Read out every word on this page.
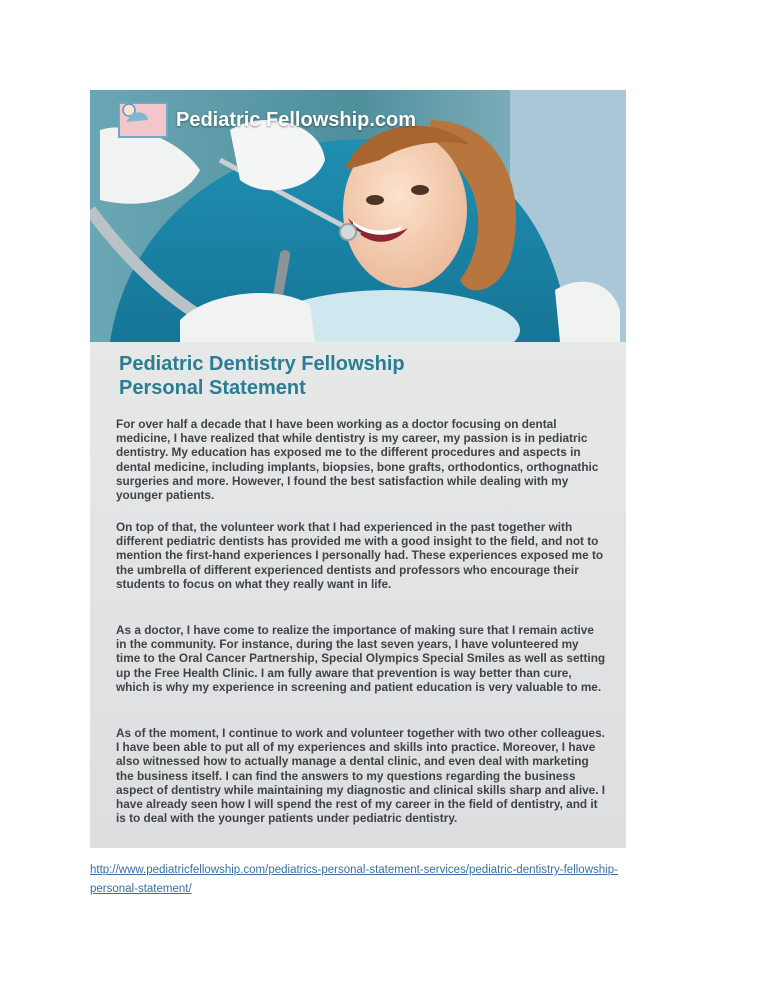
Pediatric Fellowship.com
Pediatric Dentistry Fellowship
Personal Statement

For over half a decade that I have been working as a doctor focusing on dental medicine, I have realized that while dentistry is my career, my passion is in pediatric dentistry. My education has exposed me to the different procedures and aspects in dental medicine, including implants, biopsies, bone grafts, orthodontics, orthognathic surgeries and more. However, I found the best satisfaction while dealing with my younger patients.

On top of that, the volunteer work that I had experienced in the past together with different pediatric dentists has provided me with a good insight to the field, and not to mention the first-hand experiences I personally had. These experiences exposed me to the umbrella of different experienced dentists and professors who encourage their students to focus on what they really want in life.

As a doctor, I have come to realize the importance of making sure that I remain active in the community. For instance, during the last seven years, I have volunteered my time to the Oral Cancer Partnership, Special Olympics Special Smiles as well as setting up the Free Health Clinic. I am fully aware that prevention is way better than cure, which is why my experience in screening and patient education is very valuable to me.

As of the moment, I continue to work and volunteer together with two other colleagues. I have been able to put all of my experiences and skills into practice. Moreover, I have also witnessed how to actually manage a dental clinic, and even deal with marketing the business itself. I can find the answers to my questions regarding the business aspect of dentistry while maintaining my diagnostic and clinical skills sharp and alive. I have already seen how I will spend the rest of my career in the field of dentistry, and it is to deal with the younger patients under pediatric dentistry.

http://www.pediatricfellowship.com/pediatrics-personal-statement-services/pediatric-dentistry-fellowship-personal-statement/
